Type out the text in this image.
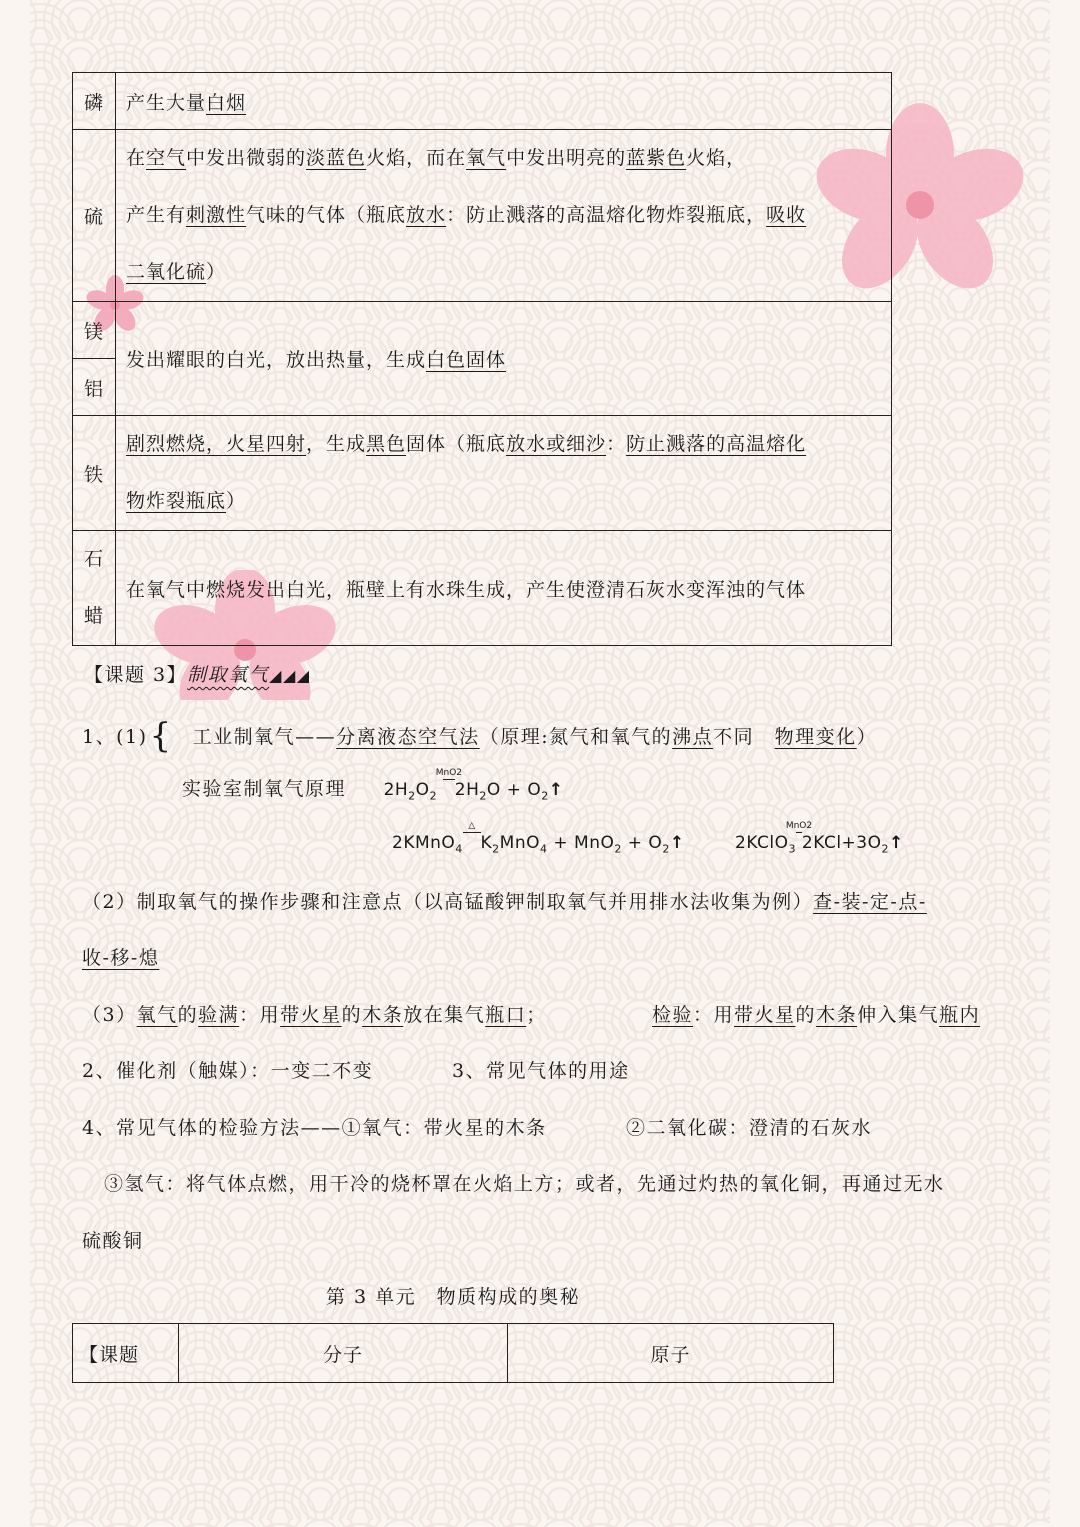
磷	产生大量白烟
硫	在空气中发出微弱的淡蓝色火焰，而在氧气中发出明亮的蓝紫色火焰，
产生有刺激性气味的气体（瓶底放水：防止溅落的高温熔化物炸裂瓶底，吸收
二氧化硫）

镁	发出耀眼的白光，放出热量，生成白色固体
铝	
铁	剧烈燃烧，火星四射，生成黑色固体（瓶底放水或细沙：防止溅落的高温熔化
物炸裂瓶底）

石
蜡	在氧气中燃烧发出白光，瓶壁上有水珠生成，产生使澄清石灰水变浑浊的气体
【课题 3】制取氧气◢◢◢
1、(1){ 工业制氧气——分离液态空气法（原理:氮气和氧气的沸点不同　物理变化）
实验室制氧气原理 $2H_2O_2$
MnO2
$2H_2O$ + $O_2↑$
2KMnO$_4$
△
$K_2MnO_4 + MnO_2$ + $O_2↑$	2KClO$_3$
MnO2
$2KCl+3O_2↑$
（2）制取氧气的操作步骤和注意点（以高锰酸钾制取氧气并用排水法收集为例）查-装-定-点-
收-移-熄
（3）氧气的验满：用带火星的木条放在集气瓶口；	检验：用带火星的木条伸入集气瓶内
2、催化剂（触媒）：一变二不变	3、常见气体的用途
4、常见气体的检验方法——①氧气：带火星的木条	②二氧化碳：澄清的石灰水
③氢气：将气体点燃，用干冷的烧杯罩在火焰上方；或者，先通过灼热的氧化铜，再通过无水
硫酸铜
第 3 单元　物质构成的奥秘
【课题	分子	原子
